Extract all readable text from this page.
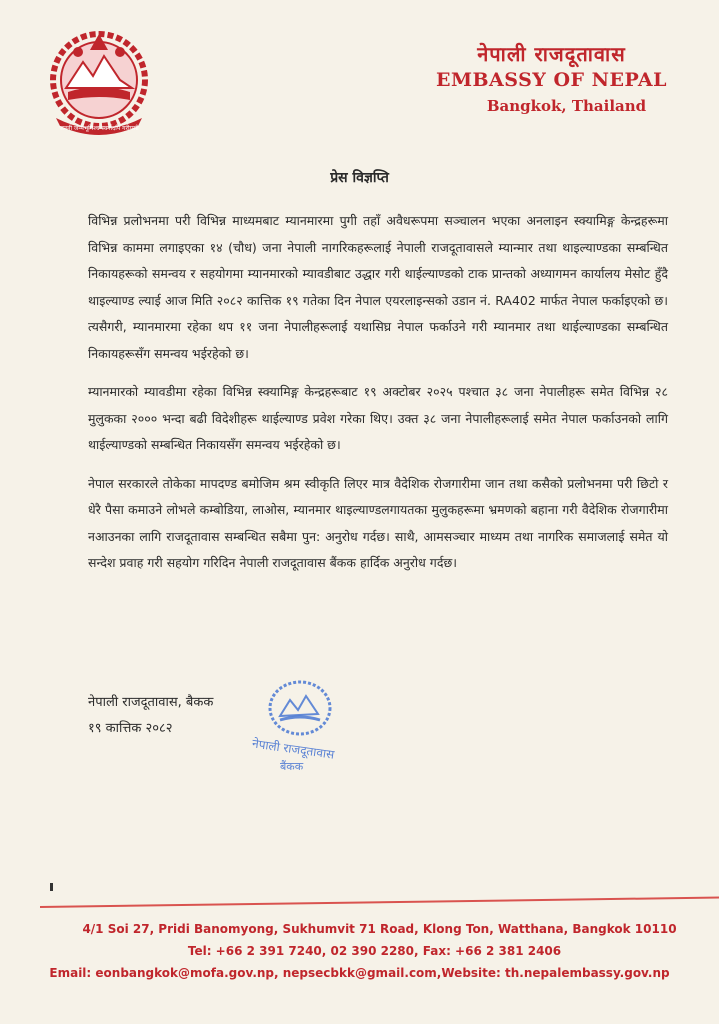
जननी जन्मभूमिश्च स्वर्गादपि गरीयसी
नेपाली राजदूतावास
EMBASSY OF NEPAL
Bangkok, Thailand
प्रेस विज्ञप्ति

विभिन्न प्रलोभनमा परी विभिन्न माध्यमबाट म्यानमारमा पुगी तहाँ अवैधरूपमा सञ्चालन भएका अनलाइन स्क्यामिङ्ग केन्द्रहरूमा विभिन्न काममा लगाइएका १४ (चौध) जना नेपाली नागरिकहरूलाई नेपाली राजदूतावासले म्यान्मार तथा थाइल्याण्डका सम्बन्धित निकायहरूको समन्वय र सहयोगमा म्यानमारको म्यावडीबाट उद्धार गरी थाईल्याण्डको टाक प्रान्तको अध्यागमन कार्यालय मेसोट हुँदै थाइल्याण्ड ल्याई आज मिति २०८२ कात्तिक १९ गतेका दिन नेपाल एयरलाइन्सको उडान नं. RA402 मार्फत नेपाल फर्काइएको छ। त्यसैगरी, म्यानमारमा रहेका थप ११ जना नेपालीहरूलाई यथासिघ्र नेपाल फर्काउने गरी म्यानमार तथा थाईल्याण्डका सम्बन्धित निकायहरूसँग समन्वय भईरहेको छ।

म्यानमारको म्यावडीमा रहेका विभिन्न स्क्यामिङ्ग केन्द्रहरूबाट १९ अक्टोबर २०२५ पश्चात ३८ जना नेपालीहरू समेत विभिन्न २८ मुलुकका २००० भन्दा बढी विदेशीहरू थाईल्याण्ड प्रवेश गरेका थिए। उक्त ३८ जना नेपालीहरूलाई समेत नेपाल फर्काउनको लागि थाईल्याण्डको सम्बन्धित निकायसँग समन्वय भईरहेको छ।

नेपाल सरकारले तोकेका मापदण्ड बमोजिम श्रम स्वीकृति लिएर मात्र वैदेशिक रोजगारीमा जान तथा कसैको प्रलोभनमा परी छिटो र धेरै पैसा कमाउने लोभले कम्बोडिया, लाओस, म्यानमार थाइल्याण्डलगायतका मुलुकहरूमा भ्रमणको बहाना गरी वैदेशिक रोजगारीमा नआउनका लागि राजदूतावास सम्बन्धित सबैमा पुन: अनुरोध गर्दछ। साथै, आमसञ्चार माध्यम तथा नागरिक समाजलाई समेत यो सन्देश प्रवाह गरी सहयोग गरिदिन नेपाली राजदूतावास बैंकक हार्दिक अनुरोध गर्दछ।

नेपाली राजदूतावास, बैकक
१९ कात्तिक २०८२
नेपाली राजदूतावास
बैंकक
4/1 Soi 27, Pridi Banomyong, Sukhumvit 71 Road, Klong Ton, Watthana, Bangkok 10110
Tel: +66 2 391 7240, 02 390 2280, Fax: +66 2 381 2406
Email: eonbangkok@mofa.gov.np, nepsecbkk@gmail.com,Website: th.nepalembassy.gov.np
